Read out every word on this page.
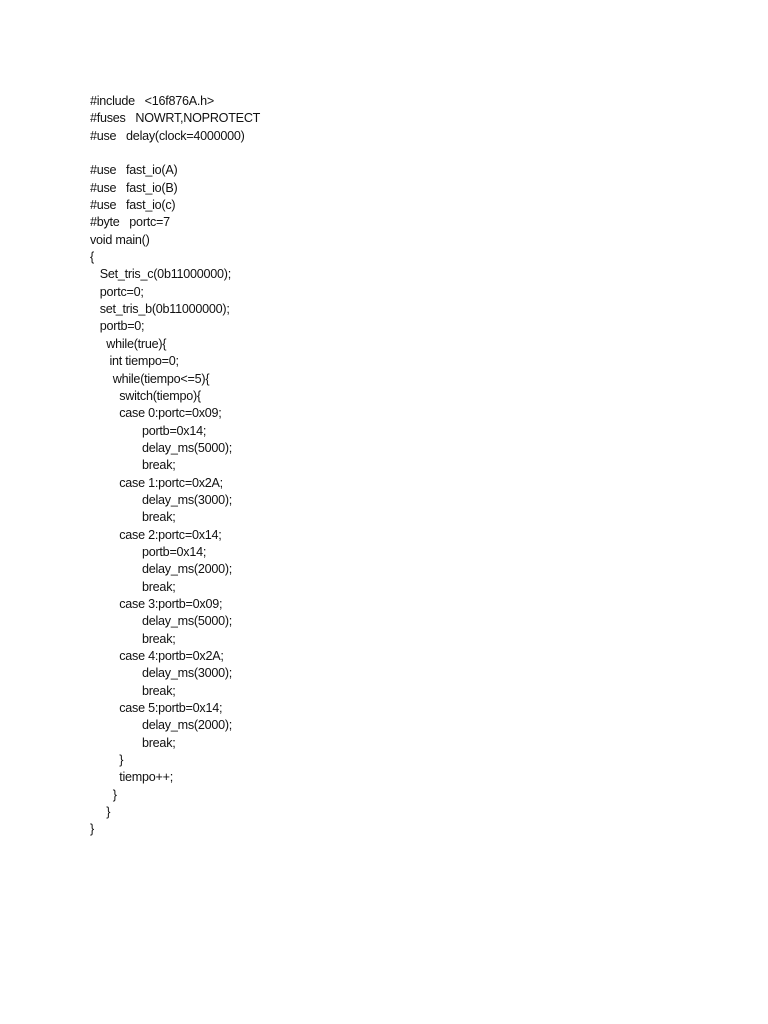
#include   <16f876A.h>
#fuses   NOWRT,NOPROTECT
#use   delay(clock=4000000)
#use   fast_io(A)
#use   fast_io(B)
#use   fast_io(c)
#byte   portc=7
void main()
{
Set_tris_c(0b11000000);
portc=0;
set_tris_b(0b11000000);
portb=0;
while(true){
int tiempo=0;
while(tiempo<=5){
switch(tiempo){
case 0:portc=0x09;
portb=0x14;
delay_ms(5000);
break;
case 1:portc=0x2A;
delay_ms(3000);
break;
case 2:portc=0x14;
portb=0x14;
delay_ms(2000);
break;
case 3:portb=0x09;
delay_ms(5000);
break;
case 4:portb=0x2A;
delay_ms(3000);
break;
case 5:portb=0x14;
delay_ms(2000);
break;
}
tiempo++;
}
}
}
